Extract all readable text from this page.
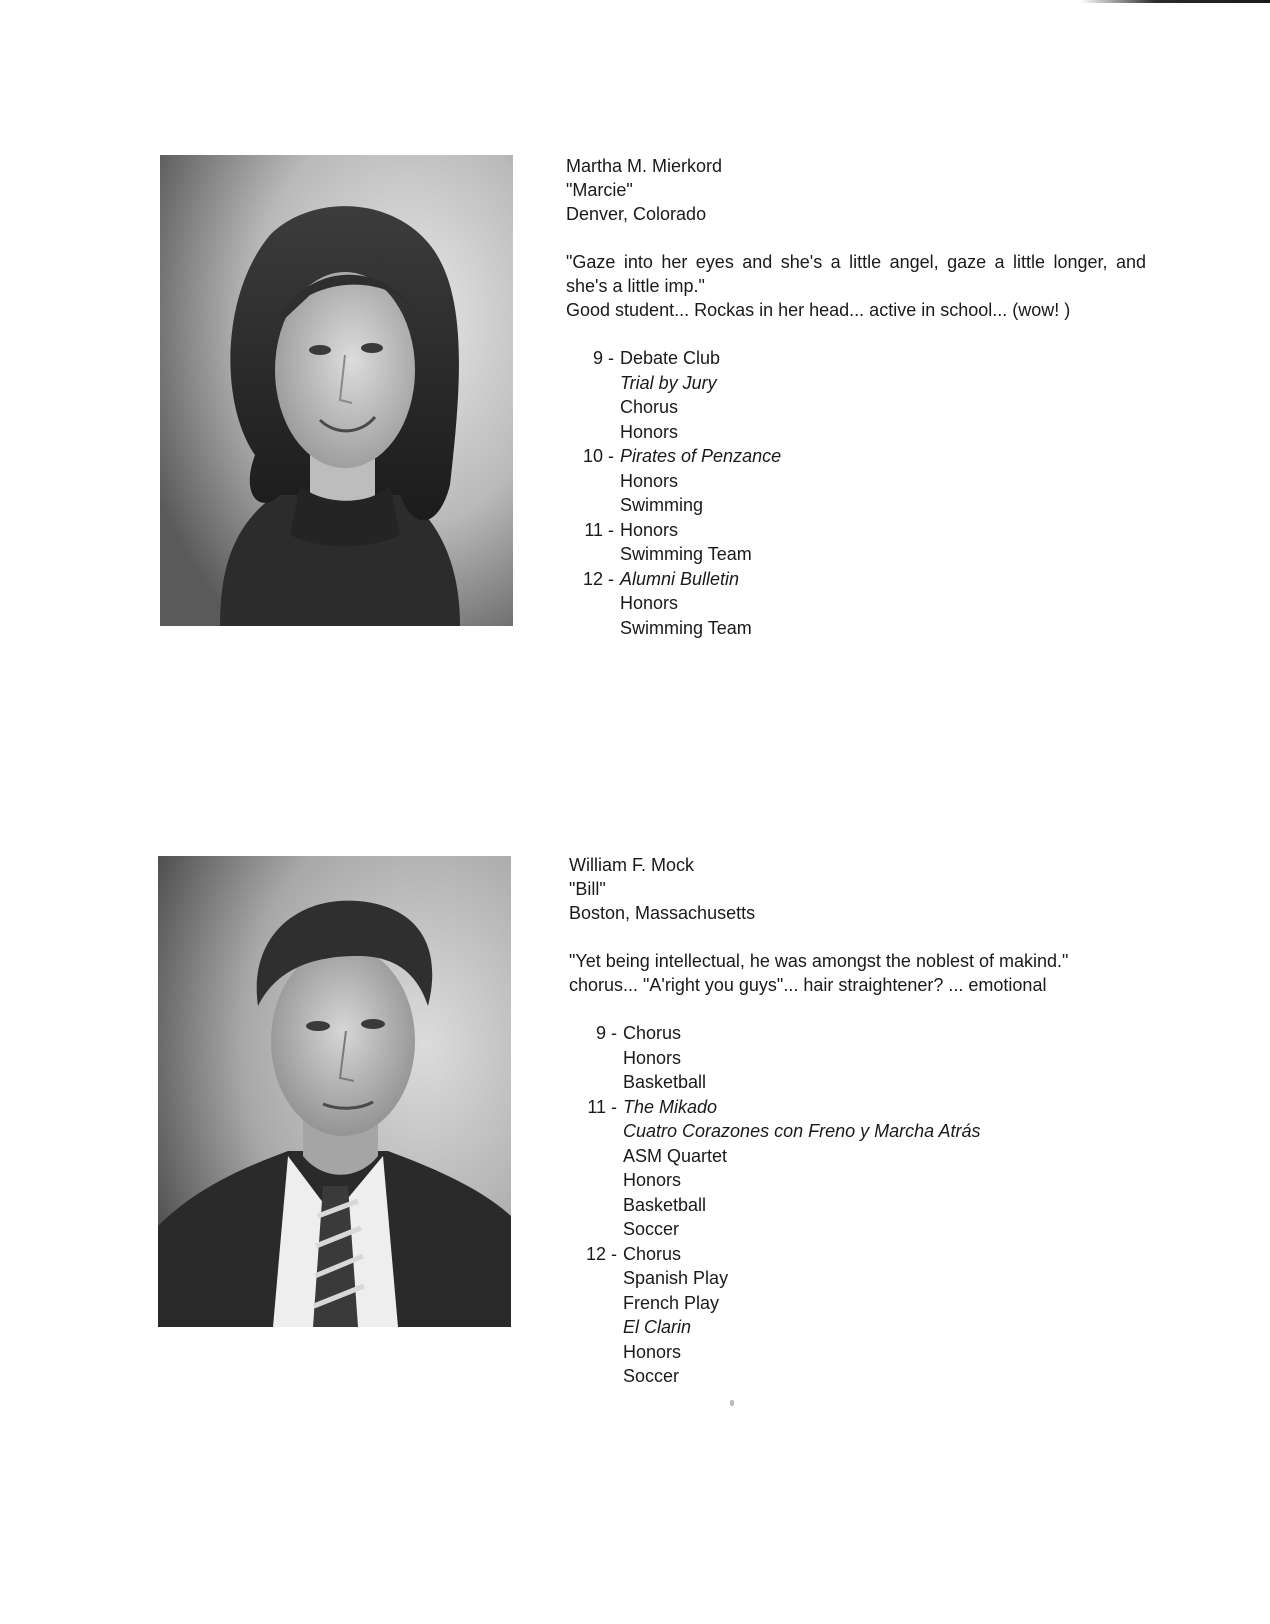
Martha M. Mierkord
"Marcie"
Denver, Colorado
"Gaze into her eyes and she's a little angel, gaze a little longer, and she's a little imp."
Good student... Rockas in her head... active in school... (wow! )
9 -	Debate Club
	Trial by Jury
	Chorus
	Honors
10 -	Pirates of Penzance
	Honors
	Swimming
11 -	Honors
	Swimming Team
12 -	Alumni Bulletin
	Honors
	Swimming Team
William F. Mock
"Bill"
Boston, Massachusetts
"Yet being intellectual, he was amongst the noblest of makind."
chorus... "A'right you guys"... hair straightener? ... emotional
9 -	Chorus
	Honors
	Basketball
11 -	The Mikado
	Cuatro Corazones con Freno y Marcha Atrás
	ASM Quartet
	Honors
	Basketball
	Soccer
12 -	Chorus
	Spanish Play
	French Play
	El Clarin
	Honors
	Soccer
